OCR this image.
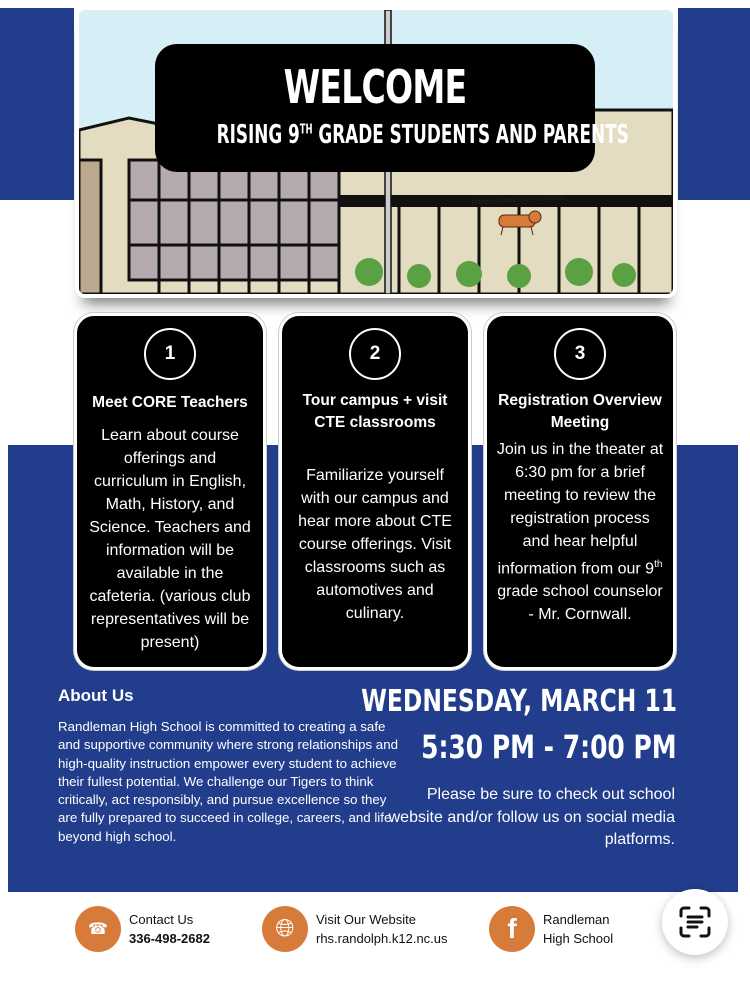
RANDLEMAN HIGH SCHOOL
WELCOME
RISING 9TH GRADE STUDENTS AND PARENTS
1
Meet CORE Teachers
Learn about course offerings and curriculum in English, Math, History, and Science. Teachers and information will be available in the cafeteria. (various club representatives will be present)
2
Tour campus + visit CTE classrooms
Familiarize yourself with our campus and hear more about CTE course offerings. Visit classrooms such as automotives and culinary.
3
Registration Overview Meeting
Join us in the theater at 6:30 pm for a brief meeting to review the registration process and hear helpful information from our 9th grade school counselor - Mr. Cornwall.
About Us

Randleman High School is committed to creating a safe and supportive community where strong relationships and high-quality instruction empower every student to achieve their fullest potential. We challenge our Tigers to think critically, act responsibly, and pursue excellence so they are fully prepared to succeed in college, careers, and life beyond high school.

WEDNESDAY, MARCH 11
5:30 PM - 7:00 PM
Please be sure to check out school website and/or follow us on social media platforms.
☎
Contact Us
336-498-2682	🌐︎	Visit Our Website
rhs.randolph.k12.nc.us	f	Randleman
High School
